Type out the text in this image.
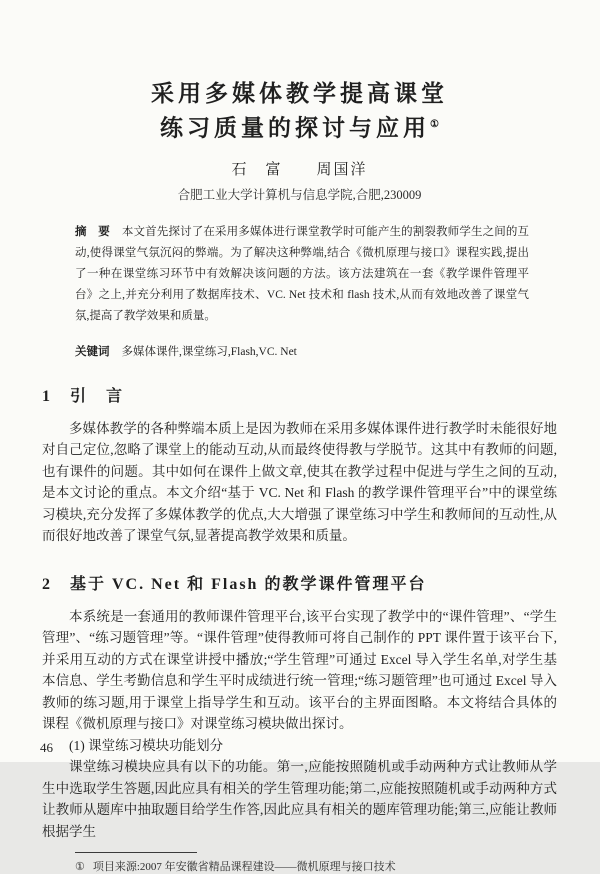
采用多媒体教学提高课堂
练习质量的探讨与应用①

石　富　　周国洋

合肥工业大学计算机与信息学院,合肥,230009

摘　要 本文首先探讨了在采用多媒体进行课堂教学时可能产生的割裂教师学生之间的互动,使得课堂气氛沉闷的弊端。为了解决这种弊端,结合《微机原理与接口》课程实践,提出了一种在课堂练习环节中有效解决该问题的方法。该方法建筑在一套《教学课件管理平台》之上,并充分利用了数据库技术、VC. Net 技术和 flash 技术,从而有效地改善了课堂气氛,提高了教学效果和质量。

关键词 多媒体课件,课堂练习,Flash,VC. Net

1 引　言

多媒体教学的各种弊端本质上是因为教师在采用多媒体课件进行教学时未能很好地对自己定位,忽略了课堂上的能动互动,从而最终使得教与学脱节。这其中有教师的问题,也有课件的问题。其中如何在课件上做文章,使其在教学过程中促进与学生之间的互动,是本文讨论的重点。本文介绍“基于 VC. Net 和 Flash 的教学课件管理平台”中的课堂练习模块,充分发挥了多媒体教学的优点,大大增强了课堂练习中学生和教师间的互动性,从而很好地改善了课堂气氛,显著提高教学效果和质量。

2 基于 VC. Net 和 Flash 的教学课件管理平台

本系统是一套通用的教师课件管理平台,该平台实现了教学中的“课件管理”、“学生管理”、“练习题管理”等。“课件管理”使得教师可将自己制作的 PPT 课件置于该平台下,并采用互动的方式在课堂讲授中播放;“学生管理”可通过 Excel 导入学生名单,对学生基本信息、学生考勤信息和学生平时成绩进行统一管理;“练习题管理”也可通过 Excel 导入教师的练习题,用于课堂上指导学生和互动。该平台的主界面图略。本文将结合具体的课程《微机原理与接口》对课堂练习模块做出探讨。

(1) 课堂练习模块功能划分

课堂练习模块应具有以下的功能。第一,应能按照随机或手动两种方式让教师从学生中选取学生答题,因此应具有相关的学生管理功能;第二,应能按照随机或手动两种方式让教师从题库中抽取题目给学生作答,因此应具有相关的题库管理功能;第三,应能让教师根据学生

① 项目来源:2007 年安徽省精品课程建设——微机原理与接口技术

46
